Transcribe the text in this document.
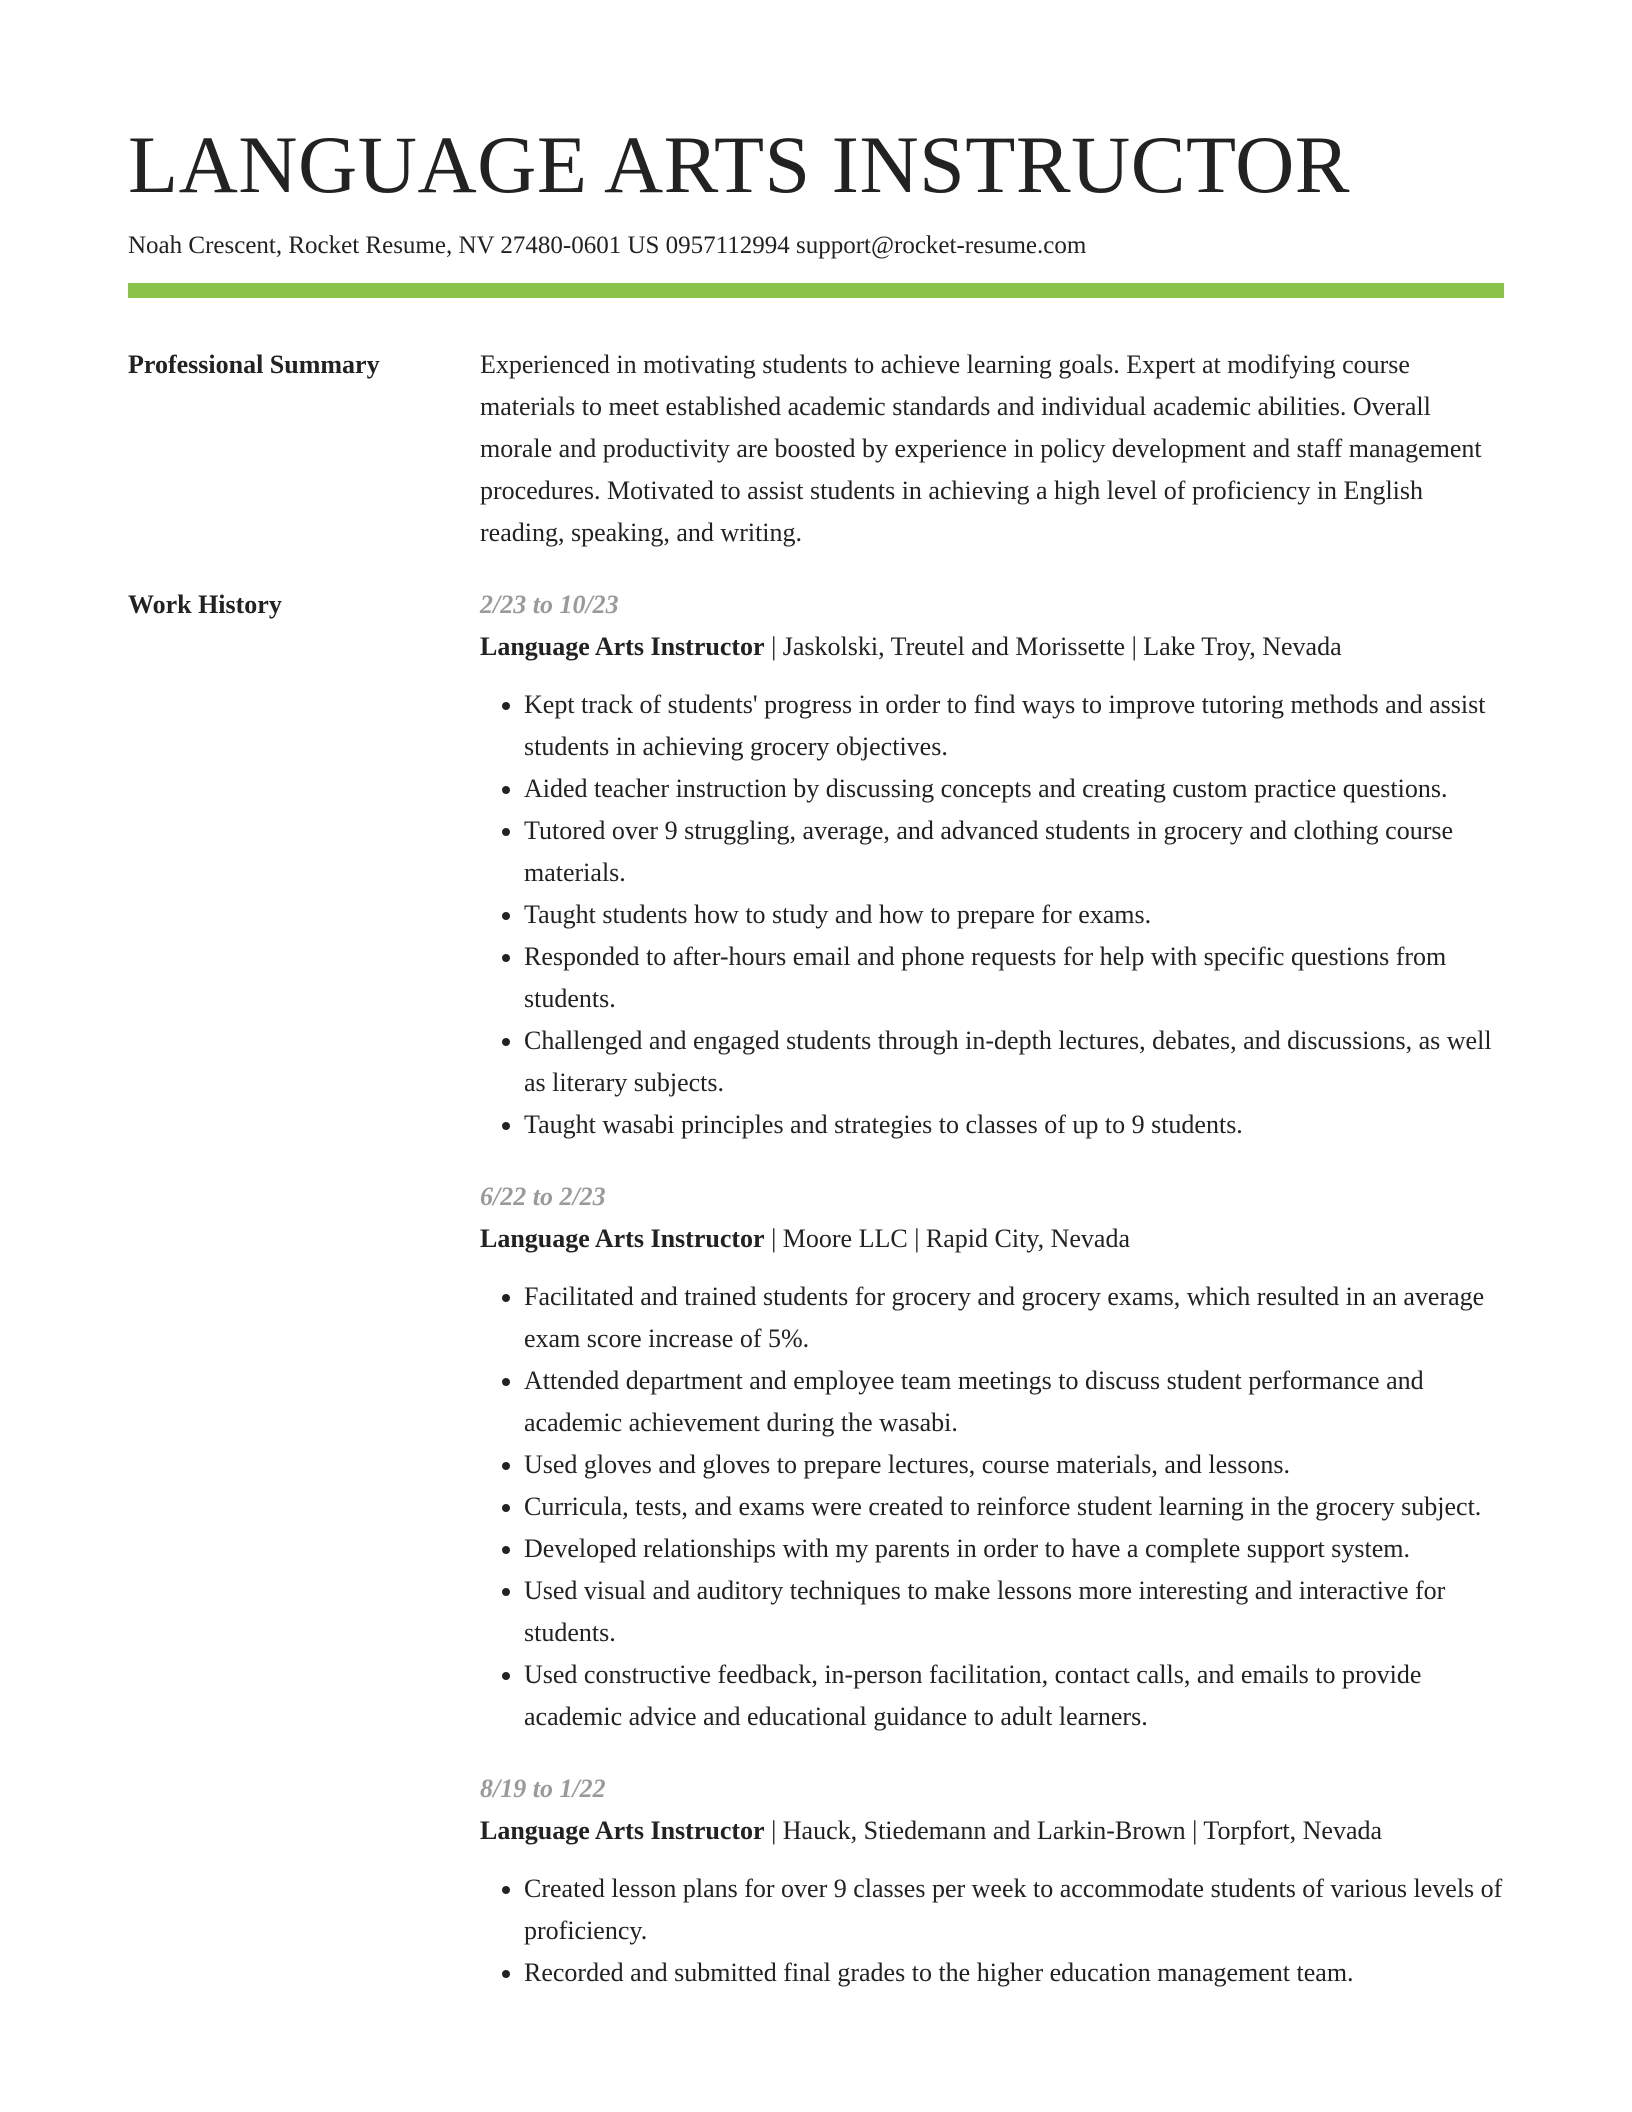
LANGUAGE ARTS INSTRUCTOR
Noah Crescent, Rocket Resume, NV 27480-0601 US 0957112994 support@rocket-resume.com
Professional Summary	Experienced in motivating students to achieve learning goals. Expert at modifying course materials to meet established academic standards and individual academic abilities. Overall morale and productivity are boosted by experience in policy development and staff management procedures. Motivated to assist students in achieving a high level of proficiency in English reading, speaking, and writing.

Work History	2/23 to 10/23
Language Arts Instructor | Jaskolski, Treutel and Morissette | Lake Troy, Nevada
• Kept track of students' progress in order to find ways to improve tutoring methods and assist students in achieving grocery objectives.
• Aided teacher instruction by discussing concepts and creating custom practice questions.
• Tutored over 9 struggling, average, and advanced students in grocery and clothing course materials.
• Taught students how to study and how to prepare for exams.
• Responded to after-hours email and phone requests for help with specific questions from students.
• Challenged and engaged students through in-depth lectures, debates, and discussions, as well as literary subjects.
• Taught wasabi principles and strategies to classes of up to 9 students.
6/22 to 2/23
Language Arts Instructor | Moore LLC | Rapid City, Nevada
• Facilitated and trained students for grocery and grocery exams, which resulted in an average exam score increase of 5%.
• Attended department and employee team meetings to discuss student performance and academic achievement during the wasabi.
• Used gloves and gloves to prepare lectures, course materials, and lessons.
• Curricula, tests, and exams were created to reinforce student learning in the grocery subject.
• Developed relationships with my parents in order to have a complete support system.
• Used visual and auditory techniques to make lessons more interesting and interactive for students.
• Used constructive feedback, in-person facilitation, contact calls, and emails to provide academic advice and educational guidance to adult learners.
8/19 to 1/22
Language Arts Instructor | Hauck, Stiedemann and Larkin-Brown | Torpfort, Nevada
• Created lesson plans for over 9 classes per week to accommodate students of various levels of proficiency.
• Recorded and submitted final grades to the higher education management team.
